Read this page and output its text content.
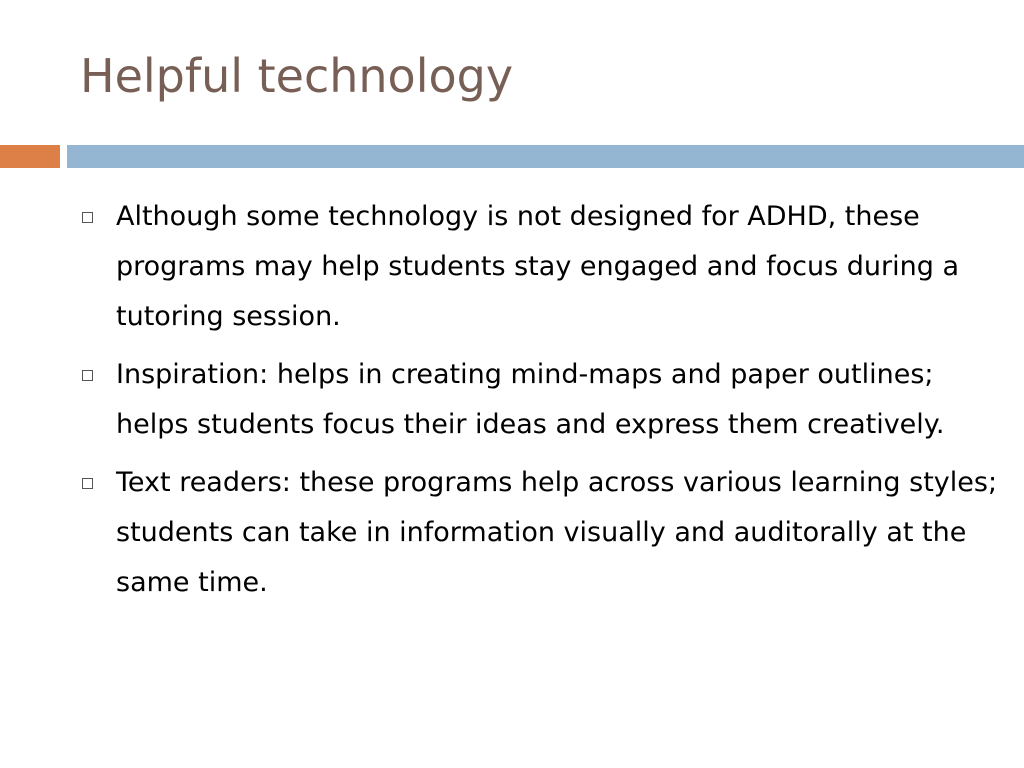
Helpful technology
Although some technology is not designed for ADHD, these programs may help students stay engaged and focus during a tutoring session.
Inspiration: helps in creating mind-maps and paper outlines; helps students focus their ideas and express them creatively.
Text readers: these programs help across various learning styles; students can take in information visually and auditorally at the same time.
